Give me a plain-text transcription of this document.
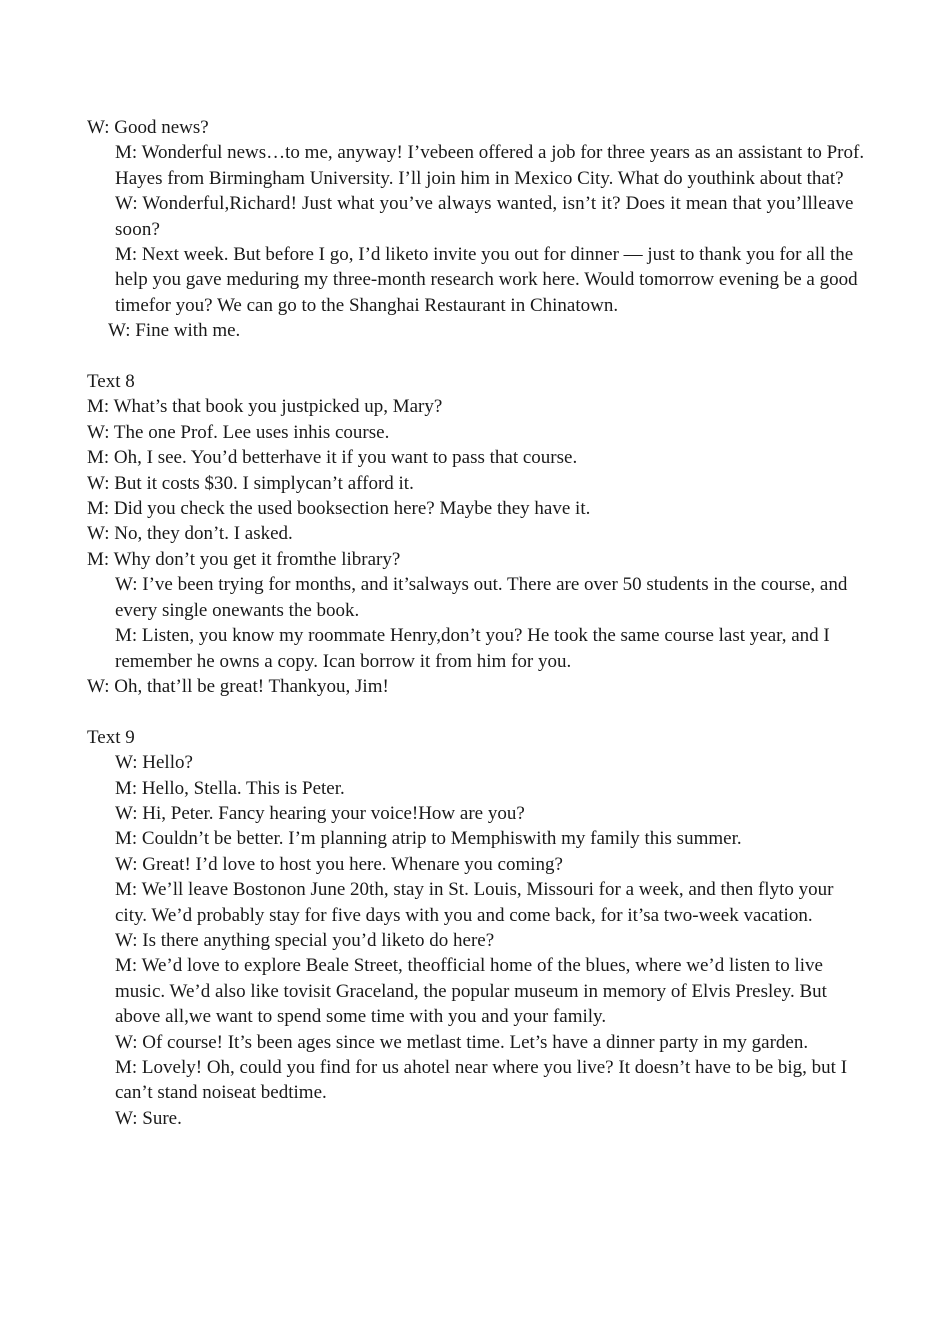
W: Good news?

M: Wonderful news…to me, anyway! I’vebeen offered a job for three years as an assistant to Prof. Hayes from Birmingham University. I’ll join him in Mexico City. What do youthink about that?

W: Wonderful,Richard! Just what you’ve always wanted, isn’t it? Does it mean that you’llleave soon?

M: Next week. But before I go, I’d liketo invite you out for dinner — just to thank you for all the help you gave meduring my three-month research work here. Would tomorrow evening be a good timefor you? We can go to the Shanghai Restaurant in Chinatown.

W: Fine with me.

Text 8

M: What’s that book you justpicked up, Mary?

W: The one Prof. Lee uses inhis course.

M: Oh, I see. You’d betterhave it if you want to pass that course.

W: But it costs $30. I simplycan’t afford it.

M: Did you check the used booksection here? Maybe they have it.

W: No, they don’t. I asked.

M: Why don’t you get it fromthe library?

W: I’ve been trying for months, and it’salways out. There are over 50 students in the course, and every single onewants the book.

M: Listen, you know my roommate Henry,don’t you? He took the same course last year, and I remember he owns a copy. Ican borrow it from him for you.

W: Oh, that’ll be great! Thankyou, Jim!

Text 9

W: Hello?

M: Hello, Stella. This is Peter.

W: Hi, Peter. Fancy hearing your voice!How are you?

M: Couldn’t be better. I’m planning atrip to Memphiswith my family this summer.

W: Great! I’d love to host you here. Whenare you coming?

M: We’ll leave Bostonon June 20th, stay in St. Louis, Missouri for a week, and then flyto your city. We’d probably stay for five days with you and come back, for it’sa two-week vacation.

W: Is there anything special you’d liketo do here?

M: We’d love to explore Beale Street, theofficial home of the blues, where we’d listen to live music. We’d also like tovisit Graceland, the popular museum in memory of Elvis Presley. But above all,we want to spend some time with you and your family.

W: Of course! It’s been ages since we metlast time. Let’s have a dinner party in my garden.

M: Lovely! Oh, could you find for us ahotel near where you live? It doesn’t have to be big, but I can’t stand noiseat bedtime.

W: Sure.
